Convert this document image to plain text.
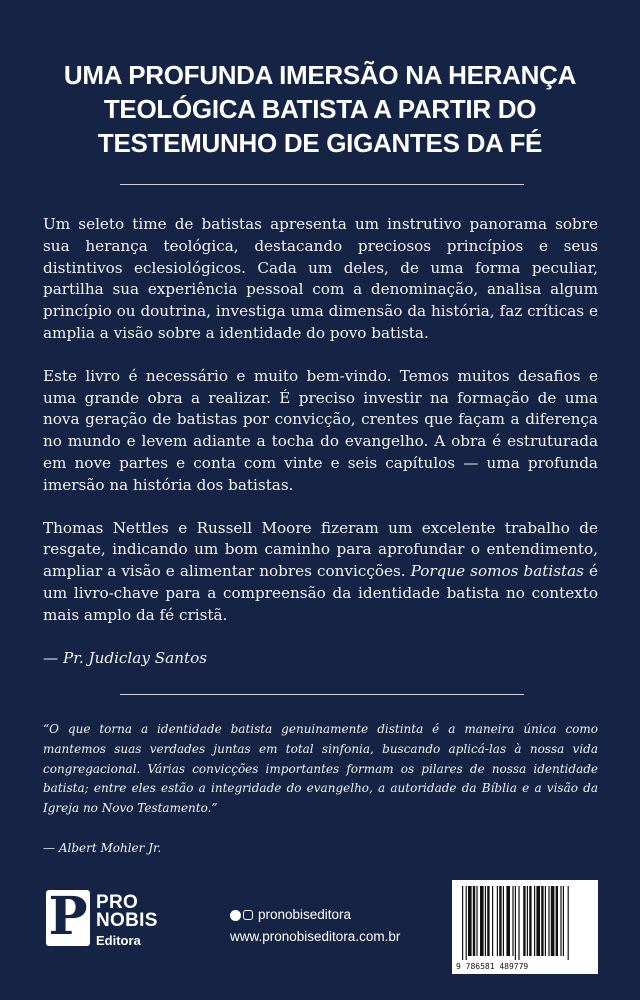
UMA PROFUNDA IMERSÃO NA HERANÇA
TEOLÓGICA BATISTA A PARTIR DO
TESTEMUNHO DE GIGANTES DA FÉ

Um seleto time de batistas apresenta um instrutivo panorama sobre sua herança teológica, destacando preciosos princípios e seus distintivos eclesiológicos. Cada um deles, de uma forma peculiar, partilha sua experiência pessoal com a denominação, analisa algum princípio ou doutrina, investiga uma dimensão da história, faz críticas e amplia a visão sobre a identidade do povo batista.

Este livro é necessário e muito bem-vindo. Temos muitos desafios e uma grande obra a realizar. É preciso investir na formação de uma nova geração de batistas por convicção, crentes que façam a diferença no mundo e levem adiante a tocha do evangelho. A obra é estruturada em nove partes e conta com vinte e seis capítulos — uma profunda imersão na história dos batistas.

Thomas Nettles e Russell Moore fizeram um excelente trabalho de resgate, indicando um bom caminho para aprofundar o entendimento, ampliar a visão e alimentar nobres convicções. Porque somos batistas é um livro-chave para a compreensão da identidade batista no contexto mais amplo da fé cristã.

— Pr. Judiclay Santos

“O que torna a identidade batista genuinamente distinta é a maneira única como mantemos suas verdades juntas em total sinfonia, buscando aplicá-las à nossa vida congregacional. Várias convicções importantes formam os pilares de nossa identidade batista; entre eles estão a integridade do evangelho, a autoridade da Bíblia e a visão da Igreja no Novo Testamento.”

— Albert Mohler Jr.

P PRO
NOBIS
Editora
pronobiseditora
www.pronobiseditora.com.br
9 786581 489779
